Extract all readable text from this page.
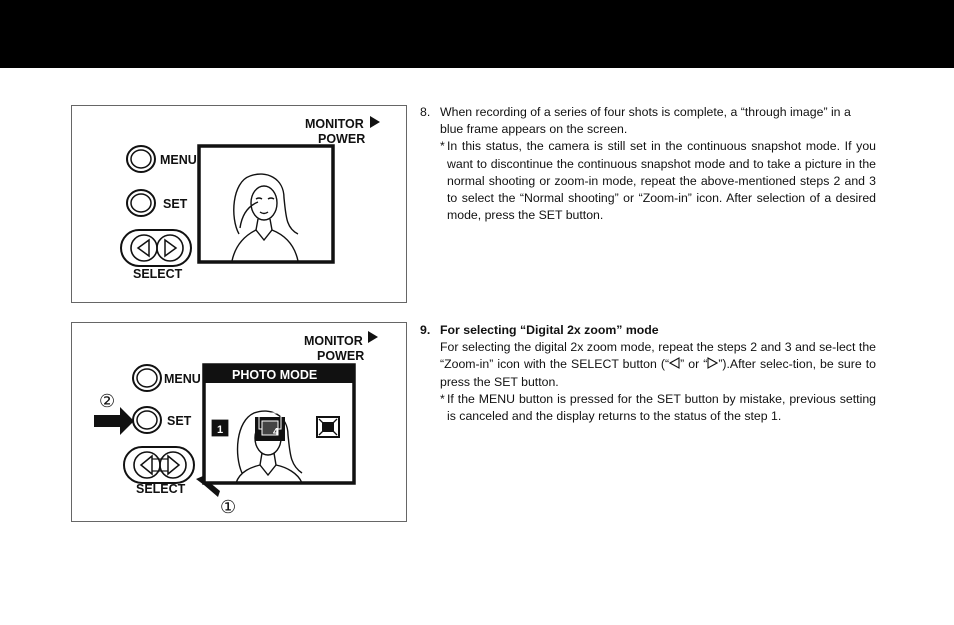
MONITOR
POWER
MENU
SET
SELECT
MONITOR
POWER
MENU
②
SET
SELECT
①
PHOTO MODE
1	4
8. When recording of a series of four shots is complete, a “through image” in a blue frame appears on the screen.
* In this status, the camera is still set in the continuous snapshot mode. If you want to discontinue the continuous snapshot mode and to take a picture in the normal shooting or zoom-in mode, repeat the above-mentioned steps 2 and 3 to select the “Normal shooting” or “Zoom-in” icon. After selection of a desired mode, press the SET button.
9. For selecting “Digital 2x zoom” mode
For selecting the digital 2x zoom mode, repeat the steps 2 and 3 and se-lect the “Zoom-in” icon with the SELECT button (“ ” or “ ”).After selec-tion, be sure to press the SET button.
* If the MENU button is pressed for the SET button by mistake, previous setting is canceled and the display returns to the status of the step 1.
